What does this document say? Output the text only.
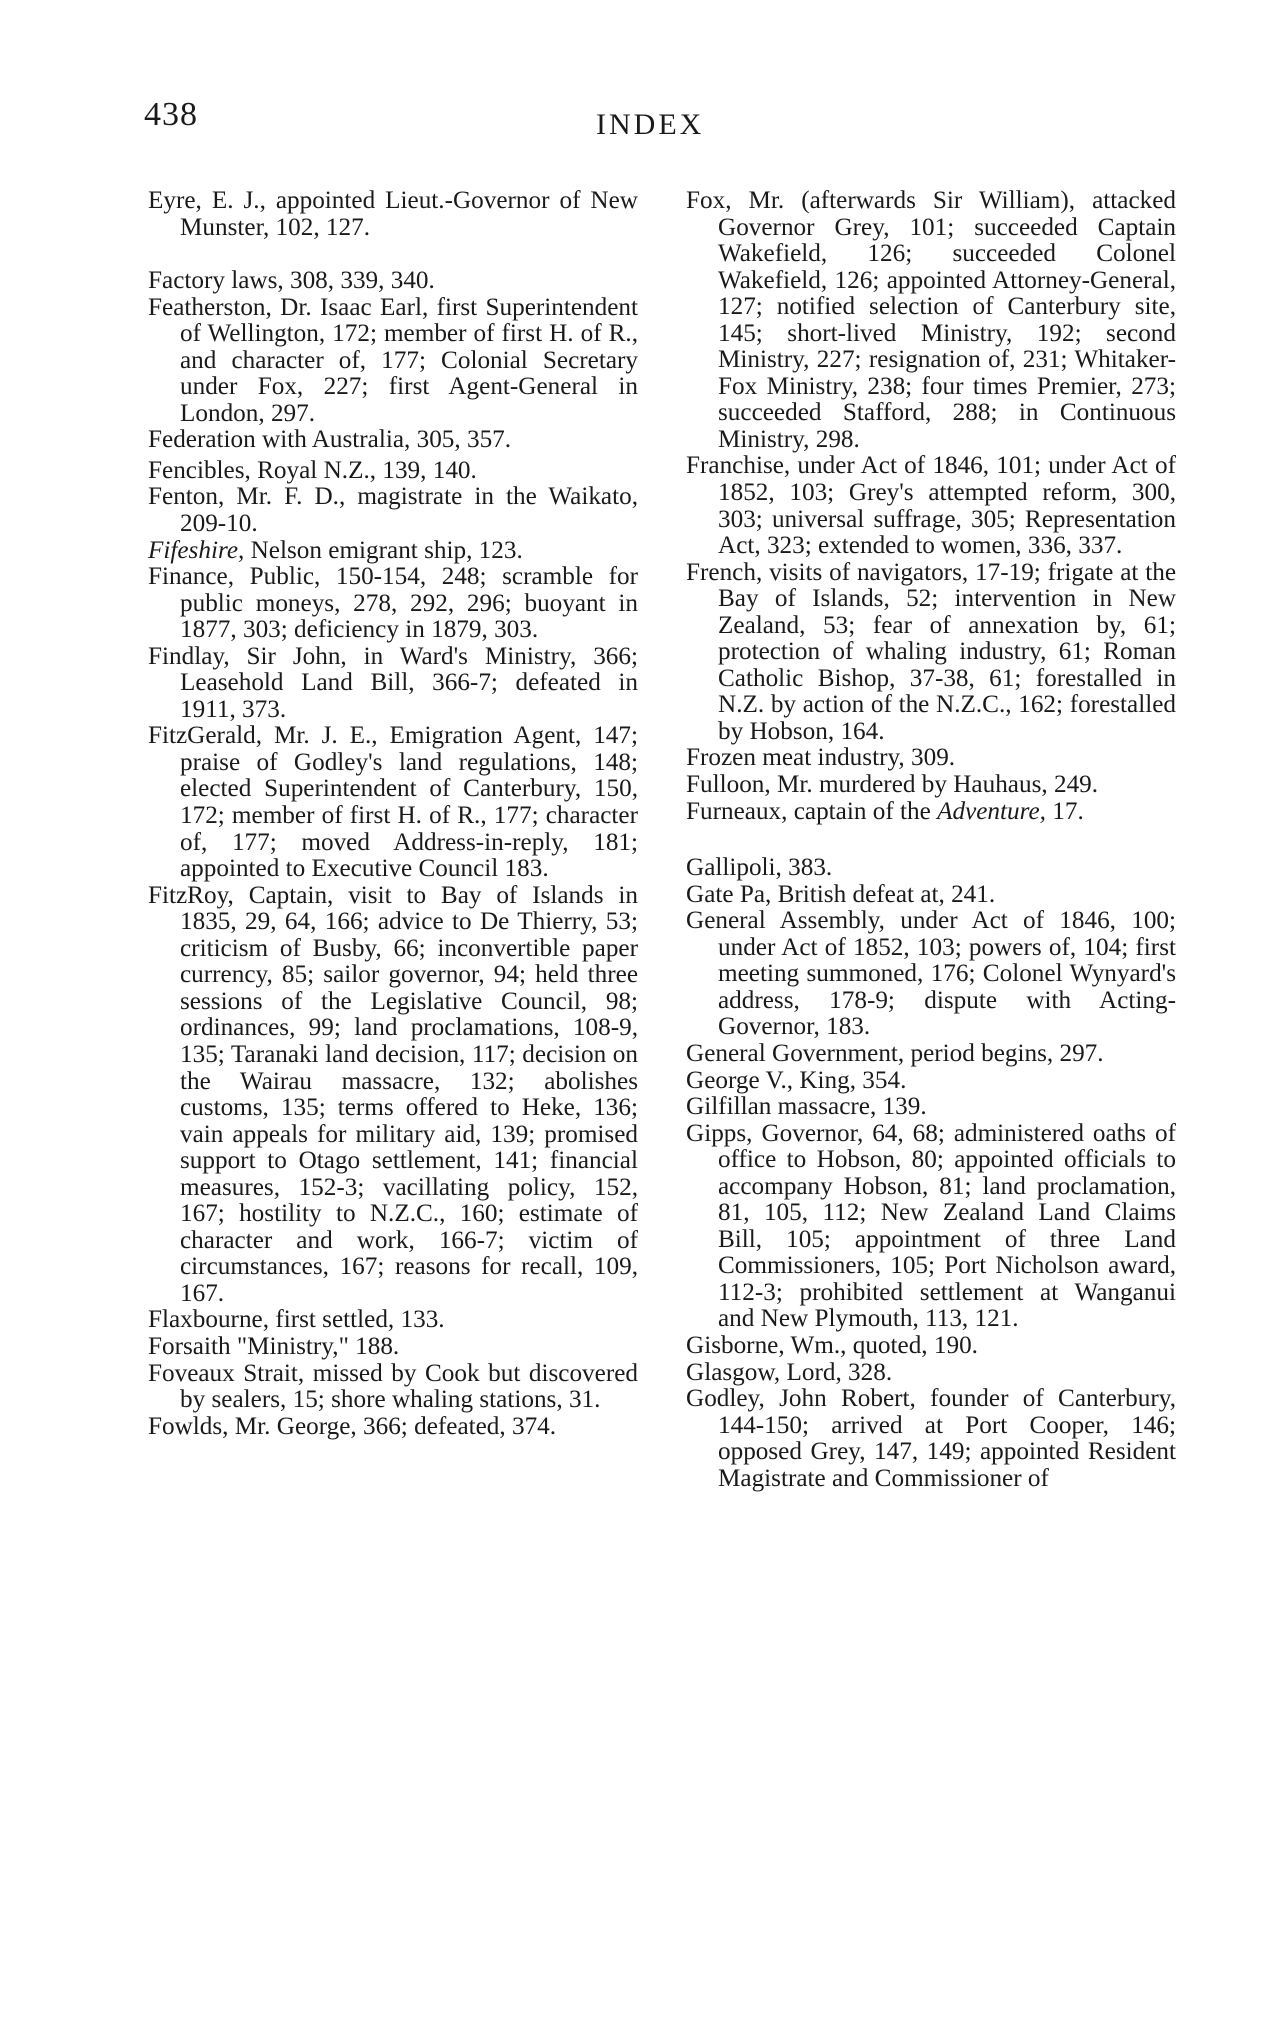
438	INDEX

Eyre, E. J., appointed Lieut.-Governor of New Munster, 102, 127.

Factory laws, 308, 339, 340.

Featherston, Dr. Isaac Earl, first Superintendent of Wellington, 172; member of first H. of R., and character of, 177; Colonial Secretary under Fox, 227; first Agent-General in London, 297.

Federation with Australia, 305, 357.

Fencibles, Royal N.Z., 139, 140.

Fenton, Mr. F. D., magistrate in the Waikato, 209-10.

Fifeshire, Nelson emigrant ship, 123.

Finance, Public, 150-154, 248; scramble for public moneys, 278, 292, 296; buoyant in 1877, 303; deficiency in 1879, 303.

Findlay, Sir John, in Ward's Ministry, 366; Leasehold Land Bill, 366-7; defeated in 1911, 373.

FitzGerald, Mr. J. E., Emigration Agent, 147; praise of Godley's land regulations, 148; elected Superintendent of Canterbury, 150, 172; member of first H. of R., 177; character of, 177; moved Address-in-reply, 181; appointed to Executive Council 183.

FitzRoy, Captain, visit to Bay of Islands in 1835, 29, 64, 166; advice to De Thierry, 53; criticism of Busby, 66; inconvertible paper currency, 85; sailor governor, 94; held three sessions of the Legislative Council, 98; ordinances, 99; land proclamations, 108-9, 135; Taranaki land decision, 117; decision on the Wairau massacre, 132; abolishes customs, 135; terms offered to Heke, 136; vain appeals for military aid, 139; promised support to Otago settlement, 141; financial measures, 152-3; vacillating policy, 152, 167; hostility to N.Z.C., 160; estimate of character and work, 166-7; victim of circumstances, 167; reasons for recall, 109, 167.

Flaxbourne, first settled, 133.

Forsaith "Ministry," 188.

Foveaux Strait, missed by Cook but discovered by sealers, 15; shore whaling stations, 31.

Fowlds, Mr. George, 366; defeated, 374.

Fox, Mr. (afterwards Sir William), attacked Governor Grey, 101; succeeded Captain Wakefield, 126; succeeded Colonel Wakefield, 126; appointed Attorney-General, 127; notified selection of Canterbury site, 145; short-lived Ministry, 192; second Ministry, 227; resignation of, 231; Whitaker-Fox Ministry, 238; four times Premier, 273; succeeded Stafford, 288; in Continuous Ministry, 298.

Franchise, under Act of 1846, 101; under Act of 1852, 103; Grey's attempted reform, 300, 303; universal suffrage, 305; Representation Act, 323; extended to women, 336, 337.

French, visits of navigators, 17-19; frigate at the Bay of Islands, 52; intervention in New Zealand, 53; fear of annexation by, 61; protection of whaling industry, 61; Roman Catholic Bishop, 37-38, 61; forestalled in N.Z. by action of the N.Z.C., 162; forestalled by Hobson, 164.

Frozen meat industry, 309.

Fulloon, Mr. murdered by Hauhaus, 249.

Furneaux, captain of the Adventure, 17.

Gallipoli, 383.

Gate Pa, British defeat at, 241.

General Assembly, under Act of 1846, 100; under Act of 1852, 103; powers of, 104; first meeting summoned, 176; Colonel Wynyard's address, 178-9; dispute with Acting-Governor, 183.

General Government, period begins, 297.

George V., King, 354.

Gilfillan massacre, 139.

Gipps, Governor, 64, 68; administered oaths of office to Hobson, 80; appointed officials to accompany Hobson, 81; land proclamation, 81, 105, 112; New Zealand Land Claims Bill, 105; appointment of three Land Commissioners, 105; Port Nicholson award, 112-3; prohibited settlement at Wanganui and New Plymouth, 113, 121.

Gisborne, Wm., quoted, 190.

Glasgow, Lord, 328.

Godley, John Robert, founder of Canterbury, 144-150; arrived at Port Cooper, 146; opposed Grey, 147, 149; appointed Resident Magistrate and Commissioner of
